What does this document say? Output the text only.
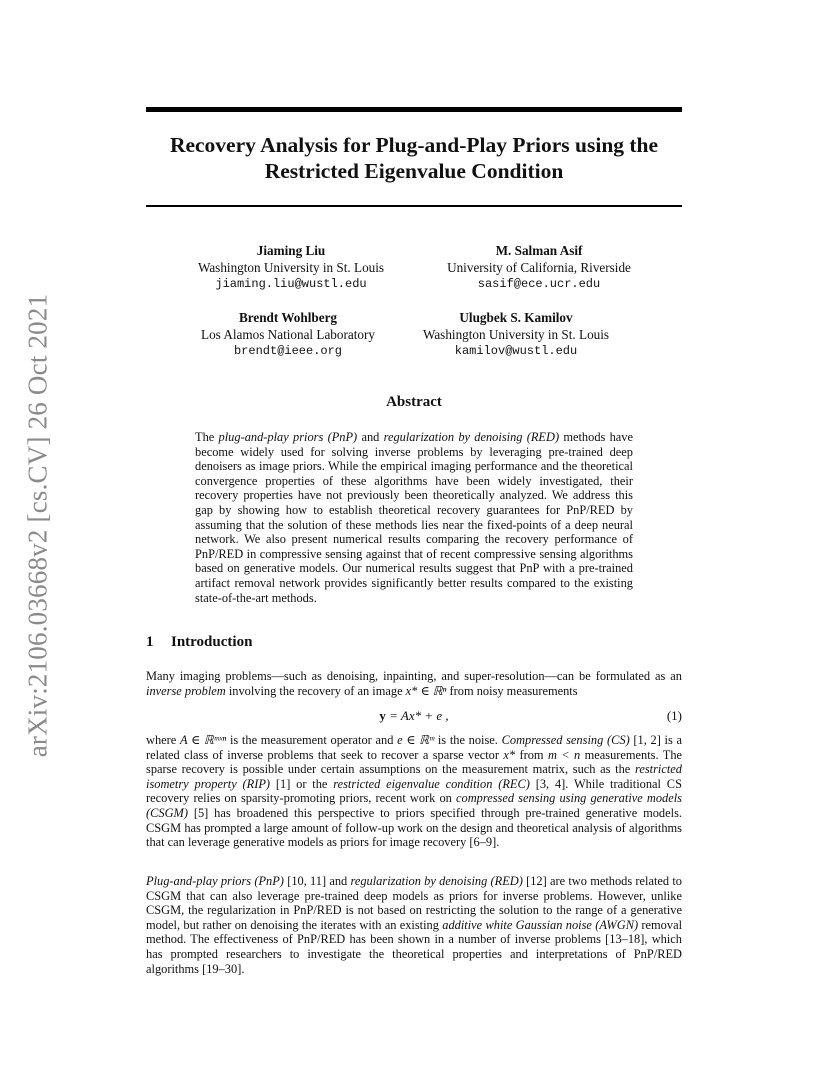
arXiv:2106.03668v2 [cs.CV] 26 Oct 2021
Recovery Analysis for Plug-and-Play Priors using the
Restricted Eigenvalue Condition
Jiaming Liu
Washington University in St. Louis
jiaming.liu@wustl.edu
M. Salman Asif
University of California, Riverside
sasif@ece.ucr.edu
Brendt Wohlberg
Los Alamos National Laboratory
brendt@ieee.org
Ulugbek S. Kamilov
Washington University in St. Louis
kamilov@wustl.edu
Abstract

The plug-and-play priors (PnP) and regularization by denoising (RED) methods have become widely used for solving inverse problems by leveraging pre-trained deep denoisers as image priors. While the empirical imaging performance and the theoretical convergence properties of these algorithms have been widely investigated, their recovery properties have not previously been theoretically analyzed. We address this gap by showing how to establish theoretical recovery guarantees for PnP/RED by assuming that the solution of these methods lies near the fixed-points of a deep neural network. We also present numerical results comparing the recovery performance of PnP/RED in compressive sensing against that of recent compressive sensing algorithms based on generative models. Our numerical results suggest that PnP with a pre-trained artifact removal network provides significantly better results compared to the existing state-of-the-art methods.

1 Introduction

Many imaging problems—such as denoising, inpainting, and super-resolution—can be formulated as an inverse problem involving the recovery of an image x* ∈ ℝⁿ from noisy measurements

y = Ax* + e ,	(1)

where A ∈ ℝᵐˣⁿ is the measurement operator and e ∈ ℝᵐ is the noise. Compressed sensing (CS) [1, 2] is a related class of inverse problems that seek to recover a sparse vector x* from m < n measurements. The sparse recovery is possible under certain assumptions on the measurement matrix, such as the restricted isometry property (RIP) [1] or the restricted eigenvalue condition (REC) [3, 4]. While traditional CS recovery relies on sparsity-promoting priors, recent work on compressed sensing using generative models (CSGM) [5] has broadened this perspective to priors specified through pre-trained generative models. CSGM has prompted a large amount of follow-up work on the design and theoretical analysis of algorithms that can leverage generative models as priors for image recovery [6–9].

Plug-and-play priors (PnP) [10, 11] and regularization by denoising (RED) [12] are two methods related to CSGM that can also leverage pre-trained deep models as priors for inverse problems. However, unlike CSGM, the regularization in PnP/RED is not based on restricting the solution to the range of a generative model, but rather on denoising the iterates with an existing additive white Gaussian noise (AWGN) removal method. The effectiveness of PnP/RED has been shown in a number of inverse problems [13–18], which has prompted researchers to investigate the theoretical properties and interpretations of PnP/RED algorithms [19–30].
